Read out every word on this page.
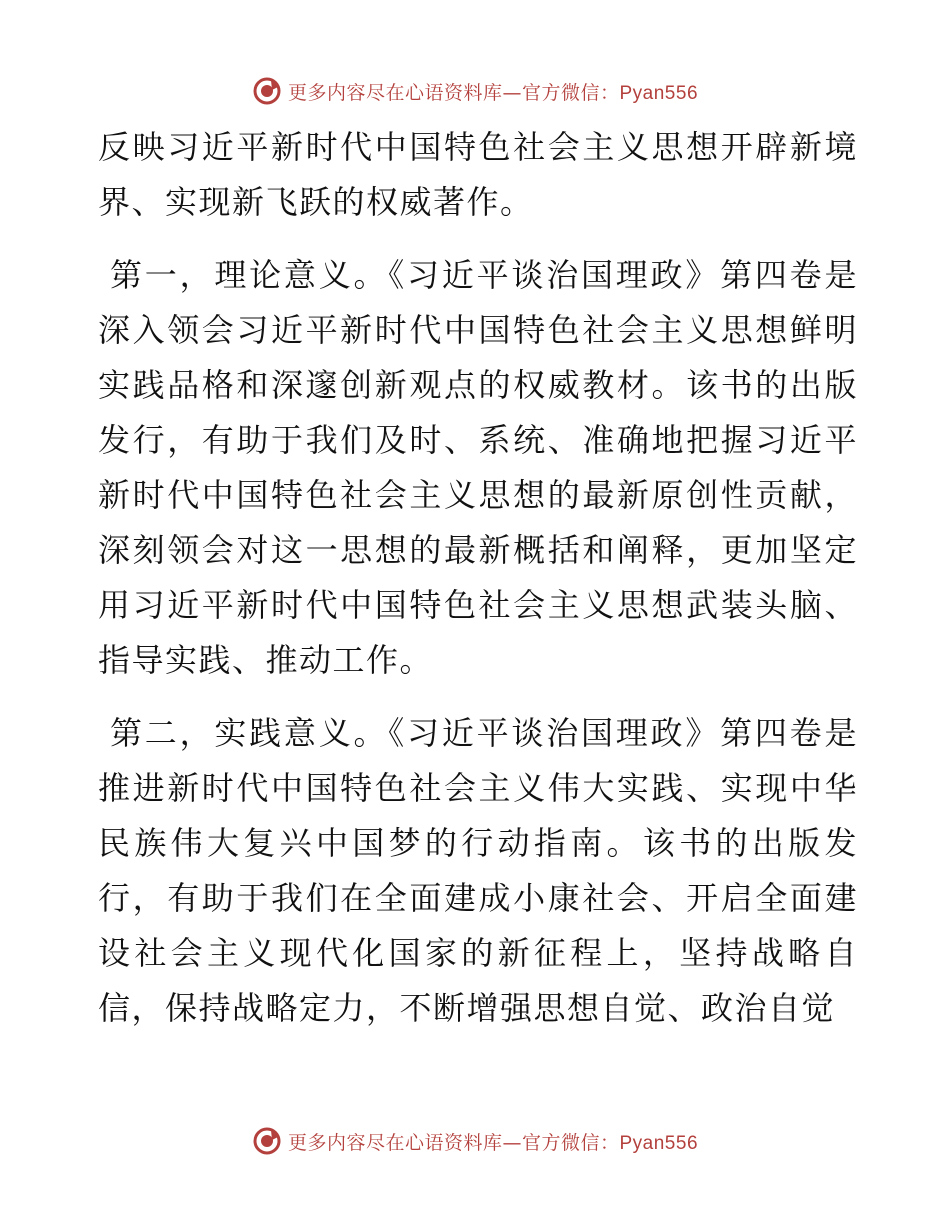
更多内容尽在心语资料库—官方微信：Pyan556

反映习近平新时代中国特色社会主义思想开辟新境界、实现新飞跃的权威著作。

第一，理论意义。《习近平谈治国理政》第四卷是深入领会习近平新时代中国特色社会主义思想鲜明实践品格和深邃创新观点的权威教材。该书的出版发行，有助于我们及时、系统、准确地把握习近平新时代中国特色社会主义思想的最新原创性贡献，深刻领会对这一思想的最新概括和阐释，更加坚定用习近平新时代中国特色社会主义思想武装头脑、指导实践、推动工作。

第二，实践意义。《习近平谈治国理政》第四卷是推进新时代中国特色社会主义伟大实践、实现中华民族伟大复兴中国梦的行动指南。该书的出版发行，有助于我们在全面建成小康社会、开启全面建设社会主义现代化国家的新征程上，坚持战略自信，保持战略定力，不断增强思想自觉、政治自觉

更多内容尽在心语资料库—官方微信：Pyan556
